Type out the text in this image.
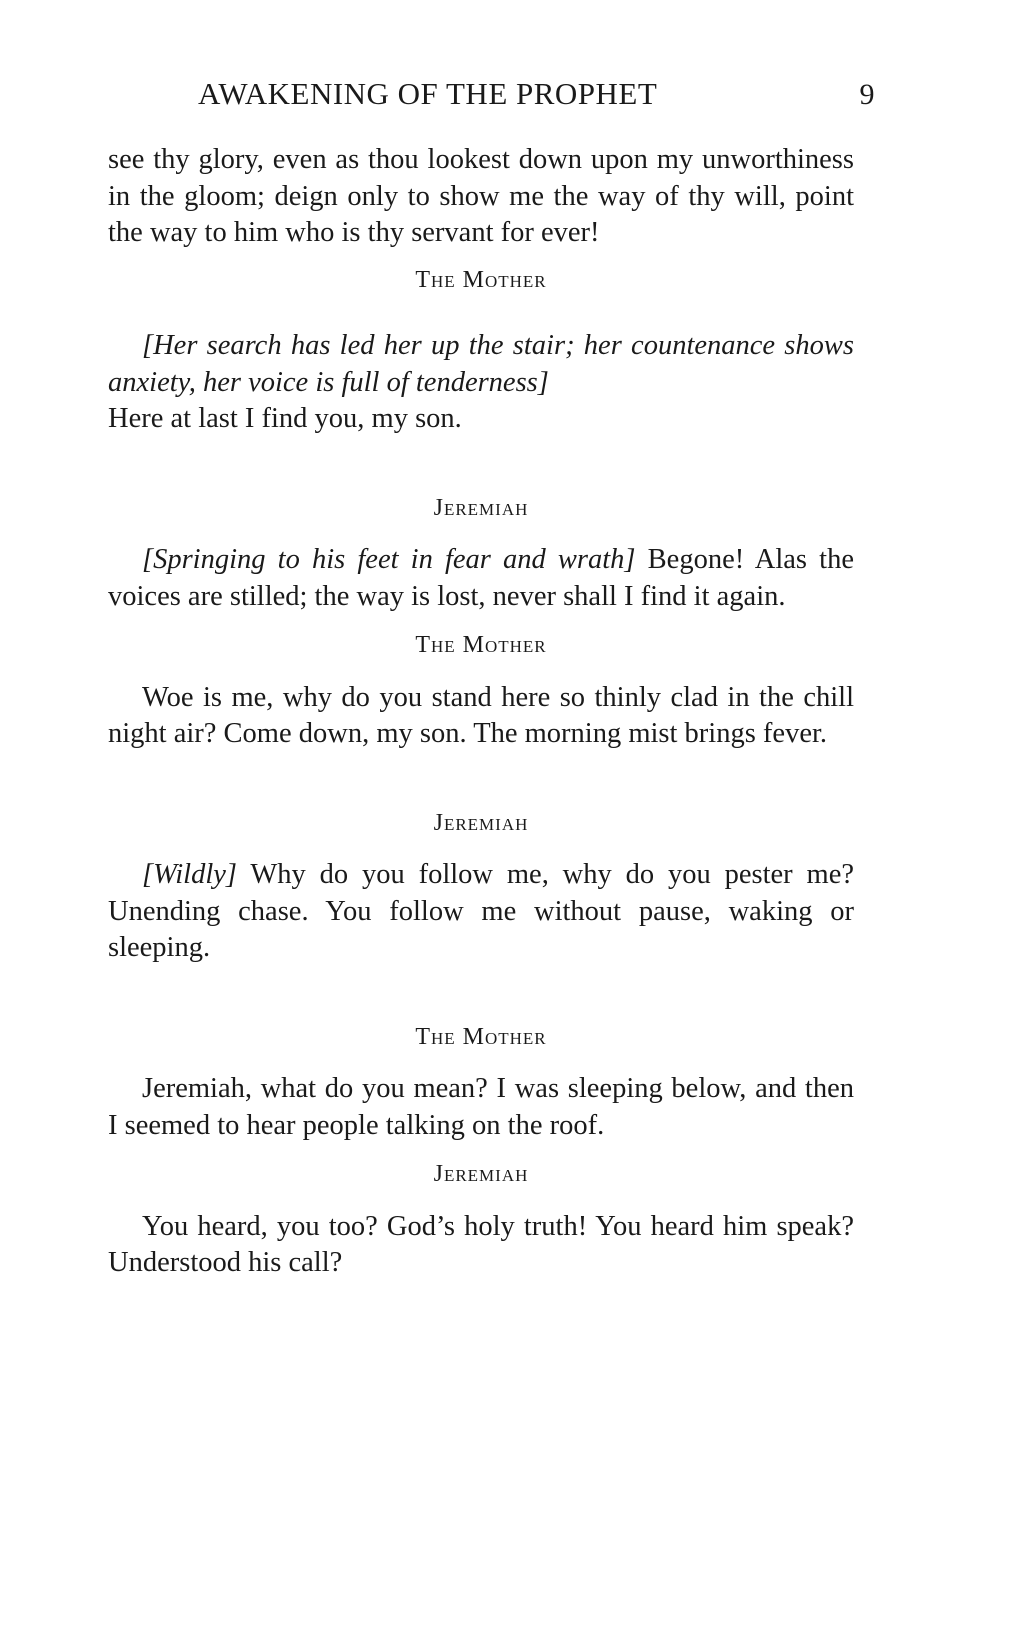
AWAKENING OF THE PROPHET	9

see thy glory, even as thou lookest down upon my unworthiness in the gloom; deign only to show me the way of thy will, point the way to him who is thy servant for ever!

The Mother

[Her search has led her up the stair; her countenance shows anxiety, her voice is full of tenderness]
Here at last I find you, my son.

Jeremiah

[Springing to his feet in fear and wrath] Begone! Alas the voices are stilled; the way is lost, never shall I find it again.

The Mother

Woe is me, why do you stand here so thinly clad in the chill night air? Come down, my son. The morning mist brings fever.

Jeremiah

[Wildly] Why do you follow me, why do you pester me? Unending chase. You follow me without pause, waking or sleeping.

The Mother

Jeremiah, what do you mean? I was sleeping below, and then I seemed to hear people talking on the roof.

Jeremiah

You heard, you too? God’s holy truth! You heard him speak? Understood his call?
